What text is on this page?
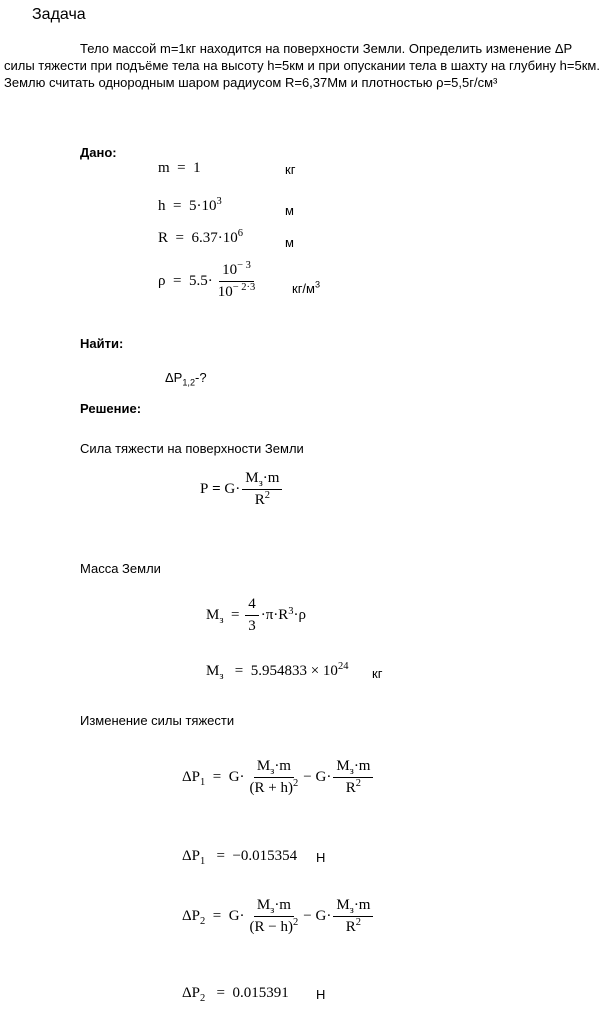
Задача
Тело массой m=1кг находится на поверхности Земли. Определить изменение ΔР силы тяжести при подъёме тела на высоту h=5км и при опускании тела в шахту на глубину h=5км. Землю считать однородным шаром радиусом R=6,37Мм и плотностью ρ=5,5г/см³
Дано:
m = 1	кг
$h = 5\cdot 10^3$
м
$R = 6.37\cdot 10^6$
м
ρ
=
$5.5\cdot \frac{10^{- 3}}{10^{- 2\cdot 3}}$	$кг/м^3$
Найти:
$\Delta P_{1,2}-$?
Решение:
Сила тяжести на поверхности Земли
P
=
$G\cdot \frac{M_з\cdot m}{R^2}$
Масса Земли
$M_з$
=
$\frac{4}{3} \cdot\pi\cdot R^3 \cdot\rho$
$M_з = 5.954833 \times 10^{24}$ кг
Изменение силы тяжести
$\Delta P_1$
=
$G\cdot \frac{M_з\cdot m}{(R + h)^2}$ −
$G\cdot \frac{M_з\cdot m}{R^2}$
$\Delta P_1 = -0.015354$ Н
$\Delta P_2$
=
$G\cdot \frac{M_з\cdot m}{(R - h)^2}$ −
$G\cdot \frac{M_з\cdot m}{R^2}$
$\Delta P_2 = 0.015391$ Н
